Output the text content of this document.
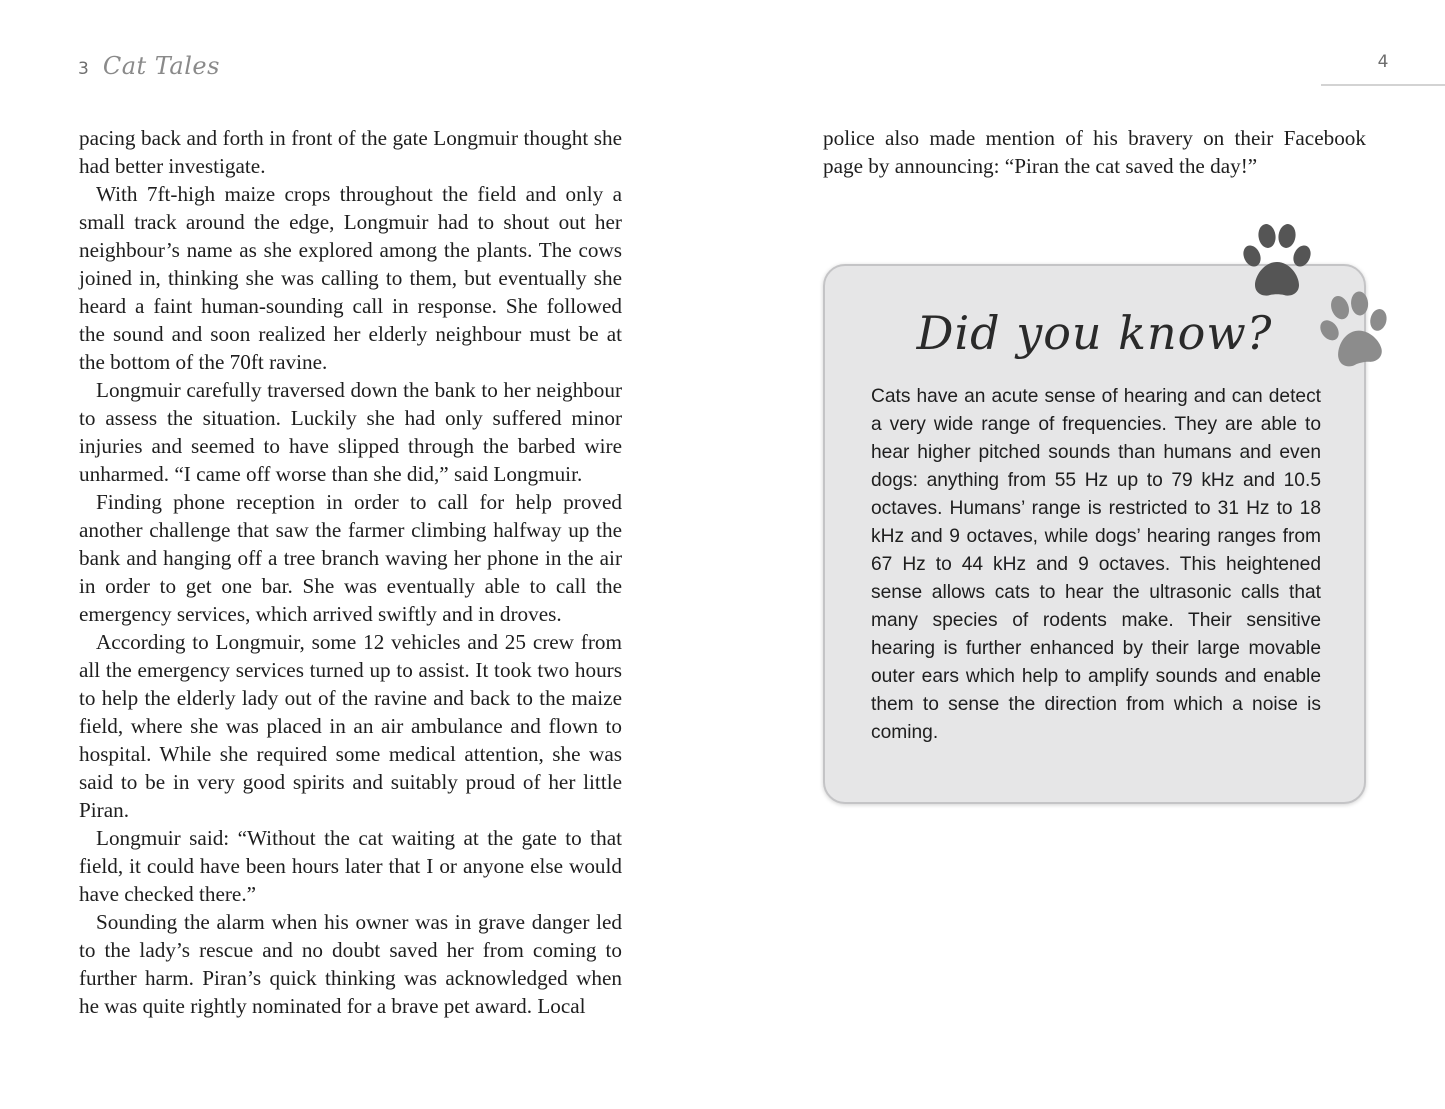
3 Cat Tales

pacing back and forth in front of the gate Longmuir thought she had better investigate.

With 7ft-high maize crops throughout the field and only a small track around the edge, Longmuir had to shout out her neighbour’s name as she explored among the plants. The cows joined in, thinking she was calling to them, but eventually she heard a faint human-sounding call in response. She followed the sound and soon realized her elderly neighbour must be at the bottom of the 70ft ravine.

Longmuir carefully traversed down the bank to her neighbour to assess the situation. Luckily she had only suffered minor injuries and seemed to have slipped through the barbed wire unharmed. “I came off worse than she did,” said Longmuir.

Finding phone reception in order to call for help proved another challenge that saw the farmer climbing halfway up the bank and hanging off a tree branch waving her phone in the air in order to get one bar. She was eventually able to call the emergency services, which arrived swiftly and in droves.

According to Longmuir, some 12 vehicles and 25 crew from all the emergency services turned up to assist. It took two hours to help the elderly lady out of the ravine and back to the maize field, where she was placed in an air ambulance and flown to hospital. While she required some medical attention, she was said to be in very good spirits and suitably proud of her little Piran.

Longmuir said: “Without the cat waiting at the gate to that field, it could have been hours later that I or anyone else would have checked there.”

Sounding the alarm when his owner was in grave danger led to the lady’s rescue and no doubt saved her from coming to further harm. Piran’s quick thinking was acknowledged when he was quite rightly nominated for a brave pet award. Local

4

police also made mention of his bravery on their Facebook page by announcing: “Piran the cat saved the day!”

Did you know?
Cats have an acute sense of hearing and can detect a very wide range of frequencies. They are able to hear higher pitched sounds than humans and even dogs: anything from 55 Hz up to 79 kHz and 10.5 octaves. Humans’ range is restricted to 31 Hz to 18 kHz and 9 octaves, while dogs’ hearing ranges from 67 Hz to 44 kHz and 9 octaves. This heightened sense allows cats to hear the ultrasonic calls that many species of rodents make. Their sensitive hearing is further enhanced by their large movable outer ears which help to amplify sounds and enable them to sense the direction from which a noise is coming.
